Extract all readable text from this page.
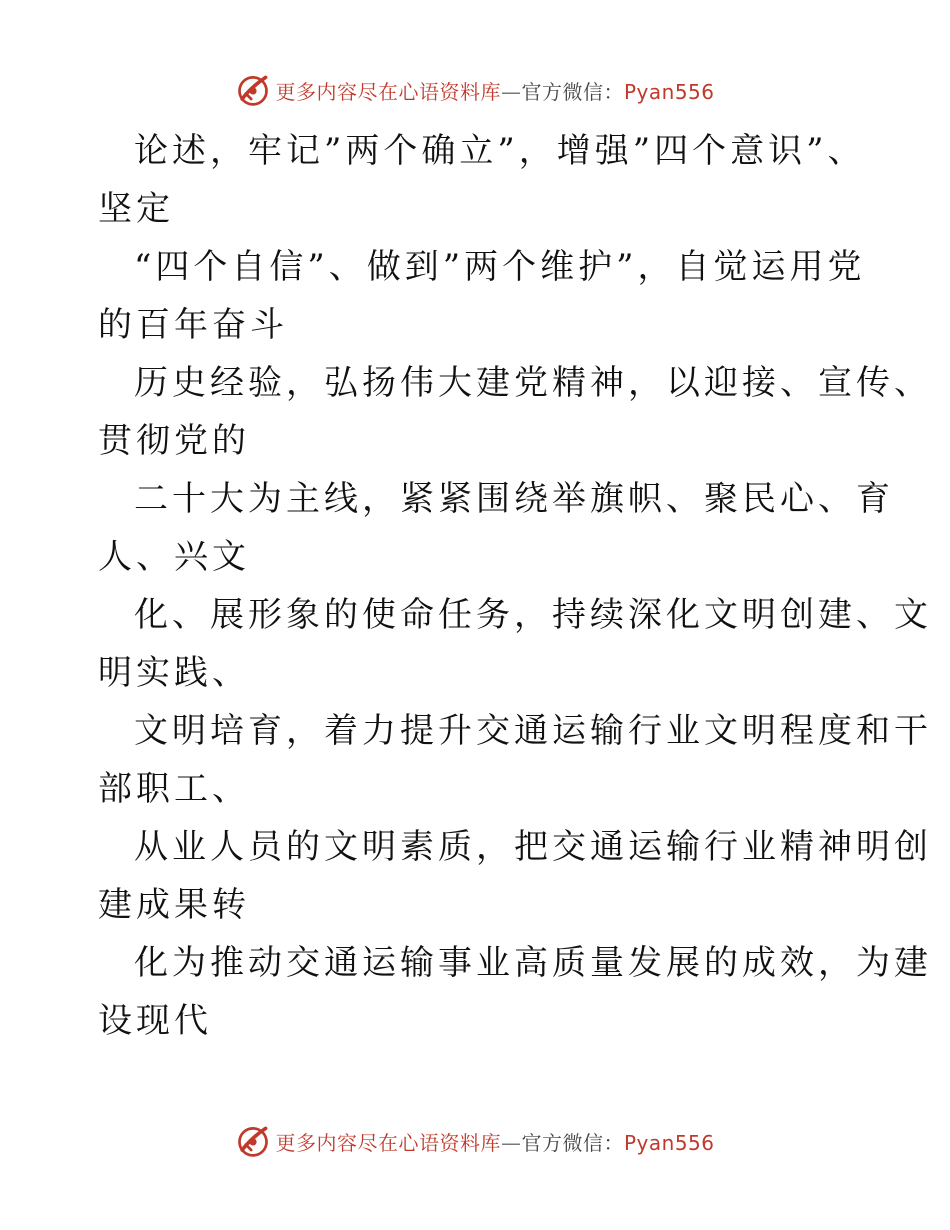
更多内容尽在心语资料库—官方微信：Pyan556
论述，牢记”两个确立”，增强”四个意识”、
坚定
“四个自信”、做到”两个维护”，自觉运用党
的百年奋斗
历史经验，弘扬伟大建党精神，以迎接、宣传、
贯彻党的
二十大为主线，紧紧围绕举旗帜、聚民心、育
人、兴文
化、展形象的使命任务，持续深化文明创建、文
明实践、
文明培育，着力提升交通运输行业文明程度和干
部职工、
从业人员的文明素质，把交通运输行业精神明创
建成果转
化为推动交通运输事业高质量发展的成效，为建
设现代
更多内容尽在心语资料库—官方微信：Pyan556
